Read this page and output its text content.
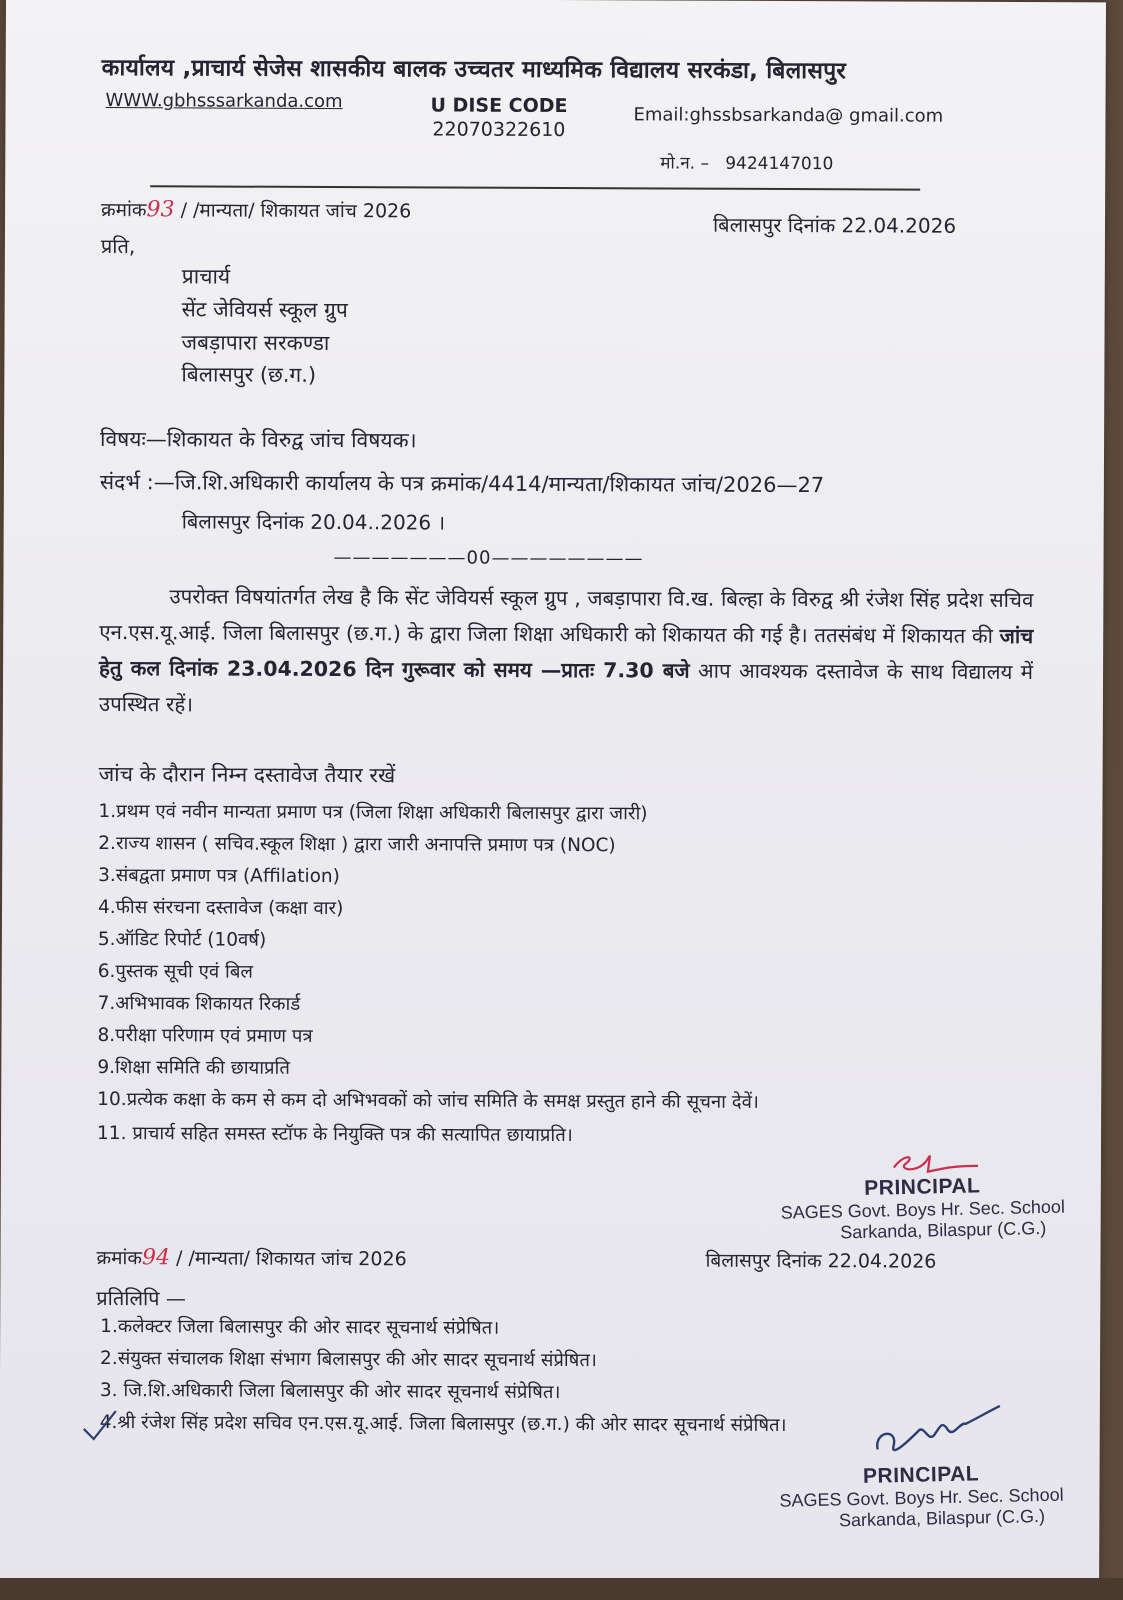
कार्यालय ,प्राचार्य सेजेस शासकीय बालक उच्चतर माध्यमिक विद्यालय सरकंडा, बिलासपुर
WWW.gbhsssarkanda.com	U DISE CODE
22070322610
Email:ghssbsarkanda@ gmail.com
मो.न. – 9424147010
क्रमांक93 / /मान्यता/ शिकायत जांच 2026
बिलासपुर दिनांक 22.04.2026
प्रति,
प्राचार्य
सेंट जेवियर्स स्कूल ग्रुप
जबड़ापारा सरकण्डा
बिलासपुर (छ.ग.)
विषयः—शिकायत के विरुद्व जांच विषयक।
संदर्भ :—जि.शि.अधिकारी कार्यालय के पत्र क्रमांक/4414/मान्यता/शिकायत जांच/2026—27
बिलासपुर दिनांक 20.04..2026 ।
———————00————————
उपरोक्त विषयांतर्गत लेख है कि सेंट जेवियर्स स्कूल ग्रुप , जबड़ापारा वि.ख. बिल्हा के विरुद्व श्री रंजेश सिंह प्रदेश सचिव एन.एस.यू.आई. जिला बिलासपुर (छ.ग.) के द्वारा जिला शिक्षा अधिकारी को शिकायत की गई है। ततसंबंध में शिकायत की जांच हेतु कल दिनांक 23.04.2026 दिन गुरूवार को समय —प्रातः 7.30 बजे आप आवश्यक दस्तावेज के साथ विद्यालय में उपस्थित रहें।
जांच के दौरान निम्न दस्तावेज तैयार रखें
1.प्रथम एवं नवीन मान्यता प्रमाण पत्र (जिला शिक्षा अधिकारी बिलासपुर द्वारा जारी)
2.राज्य शासन ( सचिव.स्कूल शिक्षा ) द्वारा जारी अनापत्ति प्रमाण पत्र (NOC)
3.संबद्वता प्रमाण पत्र (Affilation)
4.फीस संरचना दस्तावेज (कक्षा वार)
5.ऑडिट रिपोर्ट (10वर्ष)
6.पुस्तक सूची एवं बिल
7.अभिभावक शिकायत रिकार्ड
8.परीक्षा परिणाम एवं प्रमाण पत्र
9.शिक्षा समिति की छायाप्रति
10.प्रत्येक कक्षा के कम से कम दो अभिभवकों को जांच समिति के समक्ष प्रस्तुत हाने की सूचना देवें।
11. प्राचार्य सहित समस्त स्टॉफ के नियुक्ति पत्र की सत्यापित छायाप्रति।
PRINCIPAL
SAGES Govt. Boys Hr. Sec. School
Sarkanda, Bilaspur (C.G.)
क्रमांक94 / /मान्यता/ शिकायत जांच 2026	बिलासपुर दिनांक 22.04.2026
प्रतिलिपि —
1.कलेक्टर जिला बिलासपुर की ओर सादर सूचनार्थ संप्रेषित।
2.संयुक्त संचालक शिक्षा संभाग बिलासपुर की ओर सादर सूचनार्थ संप्रेषित।
3. जि.शि.अधिकारी जिला बिलासपुर की ओर सादर सूचनार्थ संप्रेषित।
4.श्री रंजेश सिंह प्रदेश सचिव एन.एस.यू.आई. जिला बिलासपुर (छ.ग.) की ओर सादर सूचनार्थ संप्रेषित।
PRINCIPAL
SAGES Govt. Boys Hr. Sec. School
Sarkanda, Bilaspur (C.G.)
